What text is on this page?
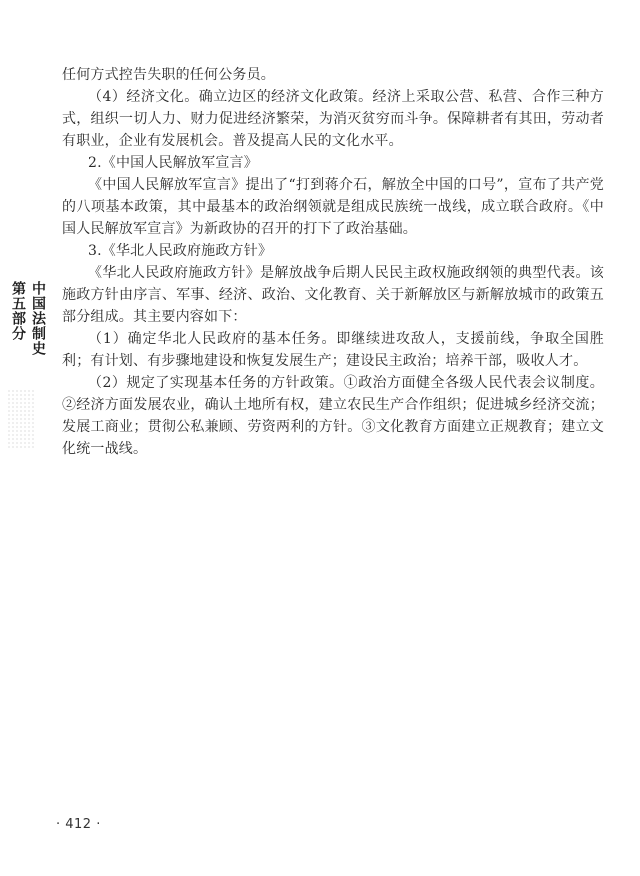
第五部分 中国法制史

任何方式控告失职的任何公务员。

（4）经济文化。确立边区的经济文化政策。经济上采取公营、私营、合作三种方式，组织一切人力、财力促进经济繁荣，为消灭贫穷而斗争。保障耕者有其田，劳动者有职业，企业有发展机会。普及提高人民的文化水平。

2.《中国人民解放军宣言》

《中国人民解放军宣言》提出了“打到蒋介石，解放全中国的口号”，宣布了共产党的八项基本政策，其中最基本的政治纲领就是组成民族统一战线，成立联合政府。《中国人民解放军宣言》为新政协的召开的打下了政治基础。

3.《华北人民政府施政方针》

《华北人民政府施政方针》是解放战争后期人民民主政权施政纲领的典型代表。该施政方针由序言、军事、经济、政治、文化教育、关于新解放区与新解放城市的政策五部分组成。其主要内容如下：

（1）确定华北人民政府的基本任务。即继续进攻敌人，支援前线，争取全国胜利；有计划、有步骤地建设和恢复发展生产；建设民主政治；培养干部，吸收人才。

（2）规定了实现基本任务的方针政策。①政治方面健全各级人民代表会议制度。②经济方面发展农业，确认土地所有权，建立农民生产合作组织；促进城乡经济交流；发展工商业；贯彻公私兼顾、劳资两利的方针。③文化教育方面建立正规教育；建立文化统一战线。

· 412 ·
